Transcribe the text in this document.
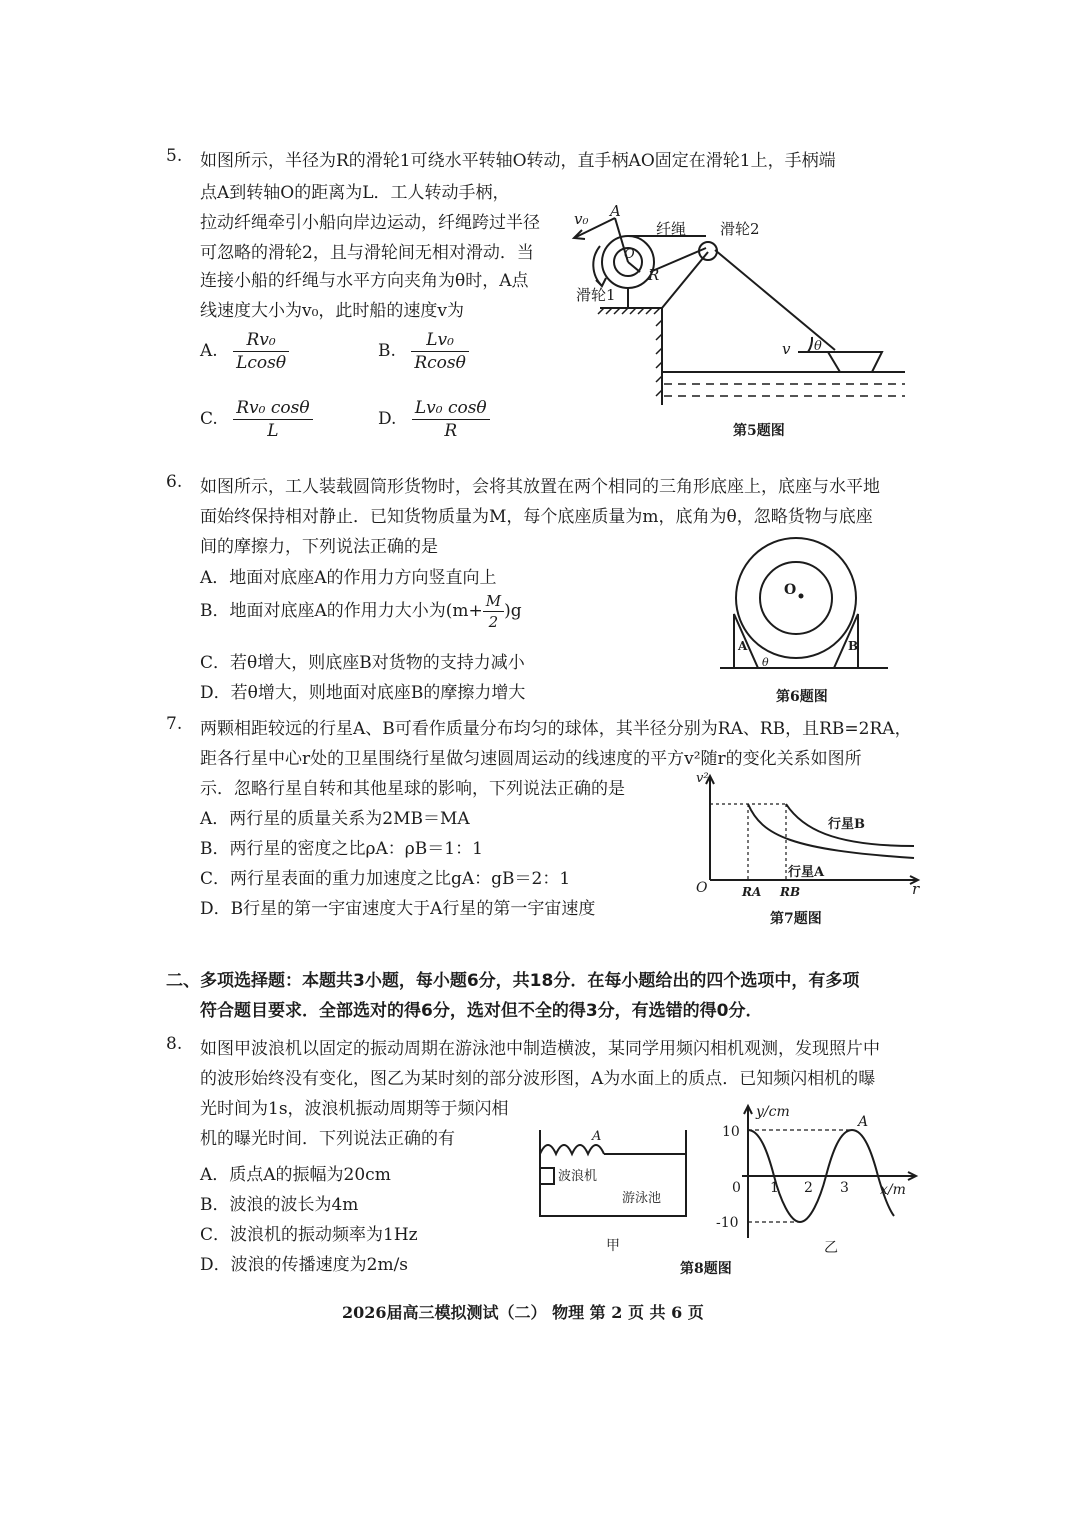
5. 如图所示，半径为R的滑轮1可绕水平转轴O转动，直手柄AO固定在滑轮1上，手柄端
点A到转轴O的距离为L．工人转动手柄，
拉动纤绳牵引小船向岸边运动，纤绳跨过半径
可忽略的滑轮2，且与滑轮间无相对滑动．当
连接小船的纤绳与水平方向夹角为θ时，A点
线速度大小为v₀，此时船的速度v为
A. $\frac{\text{Rv₀}}{Lcos\theta}$	B. $\frac{\text{Lv₀}}{Rcos\theta}$
C. $\frac{\text{Rv₀ cosθ}}{L}$	D. $\frac{\text{Lv₀ cosθ}}{R}$
v₀ A
纤绳 滑轮2
O
R
滑轮1
v θ
第5题图
6. 如图所示，工人装载圆筒形货物时，会将其放置在两个相同的三角形底座上，底座与水平地
面始终保持相对静止．已知货物质量为M，每个底座质量为m，底角为θ，忽略货物与底座
间的摩擦力，下列说法正确的是
A．地面对底座A的作用力方向竖直向上
B．地面对底座A的作用力大小为$(m+ \frac{M}{2} )g$
C．若θ增大，则底座B对货物的支持力减小
D．若θ增大，则地面对底座B的摩擦力增大
O
A	B
θ
第6题图
7. 两颗相距较远的行星A、B可看作质量分布均匀的球体，其半径分别为RA、RB，且RB=2RA，
距各行星中心r处的卫星围绕行星做匀速圆周运动的线速度的平方v²随r的变化关系如图所
示．忽略行星自转和其他星球的影响，下列说法正确的是
A．两行星的质量关系为2MB＝MA
B．两行星的密度之比ρA：ρB＝1：1
C．两行星表面的重力加速度之比gA：gB＝2：1
D．B行星的第一宇宙速度大于A行星的第一宇宙速度
v²
O	r
RA RB
行星B
行星A
第7题图
二、多项选择题：本题共3小题，每小题6分，共18分．在每小题给出的四个选项中，有多项
符合题目要求．全部选对的得6分，选对但不全的得3分，有选错的得0分．
8. 如图甲波浪机以固定的振动周期在游泳池中制造横波，某同学用频闪相机观测，发现照片中
的波形始终没有变化，图乙为某时刻的部分波形图，A为水面上的质点．已知频闪相机的曝
光时间为1s，波浪机振动周期等于频闪相
机的曝光时间．下列说法正确的有
A．质点A的振幅为20cm
B．波浪的波长为4m
C．波浪机的振动频率为1Hz
D．波浪的传播速度为2m/s
A
波浪机
游泳池
甲
y/cm
10
-10
0 1 2 3 x/m
A
乙
第8题图
2026届高三模拟测试（二） 物理 第 2 页 共 6 页
